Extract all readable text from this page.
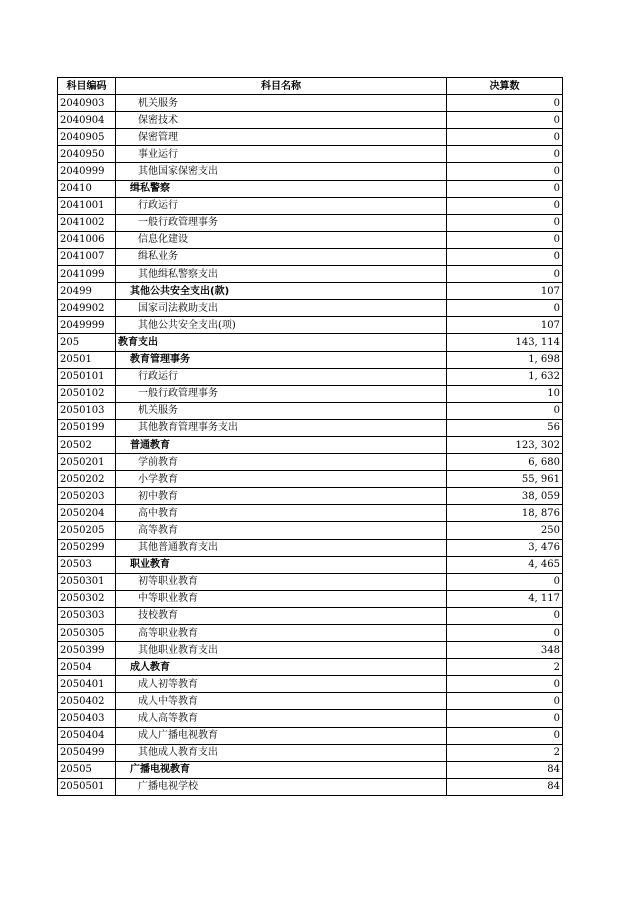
科目编码	科目名称	决算数
2040903	机关服务	0
2040904	保密技术	0
2040905	保密管理	0
2040950	事业运行	0
2040999	其他国家保密支出	0
20410	缉私警察	0
2041001	行政运行	0
2041002	一般行政管理事务	0
2041006	信息化建设	0
2041007	缉私业务	0
2041099	其他缉私警察支出	0
20499	其他公共安全支出(款)	107
2049902	国家司法救助支出	0
2049999	其他公共安全支出(项)	107
205	教育支出	143, 114
20501	教育管理事务	1, 698
2050101	行政运行	1, 632
2050102	一般行政管理事务	10
2050103	机关服务	0
2050199	其他教育管理事务支出	56
20502	普通教育	123, 302
2050201	学前教育	6, 680
2050202	小学教育	55, 961
2050203	初中教育	38, 059
2050204	高中教育	18, 876
2050205	高等教育	250
2050299	其他普通教育支出	3, 476
20503	职业教育	4, 465
2050301	初等职业教育	0
2050302	中等职业教育	4, 117
2050303	技校教育	0
2050305	高等职业教育	0
2050399	其他职业教育支出	348
20504	成人教育	2
2050401	成人初等教育	0
2050402	成人中等教育	0
2050403	成人高等教育	0
2050404	成人广播电视教育	0
2050499	其他成人教育支出	2
20505	广播电视教育	84
2050501	广播电视学校	84
